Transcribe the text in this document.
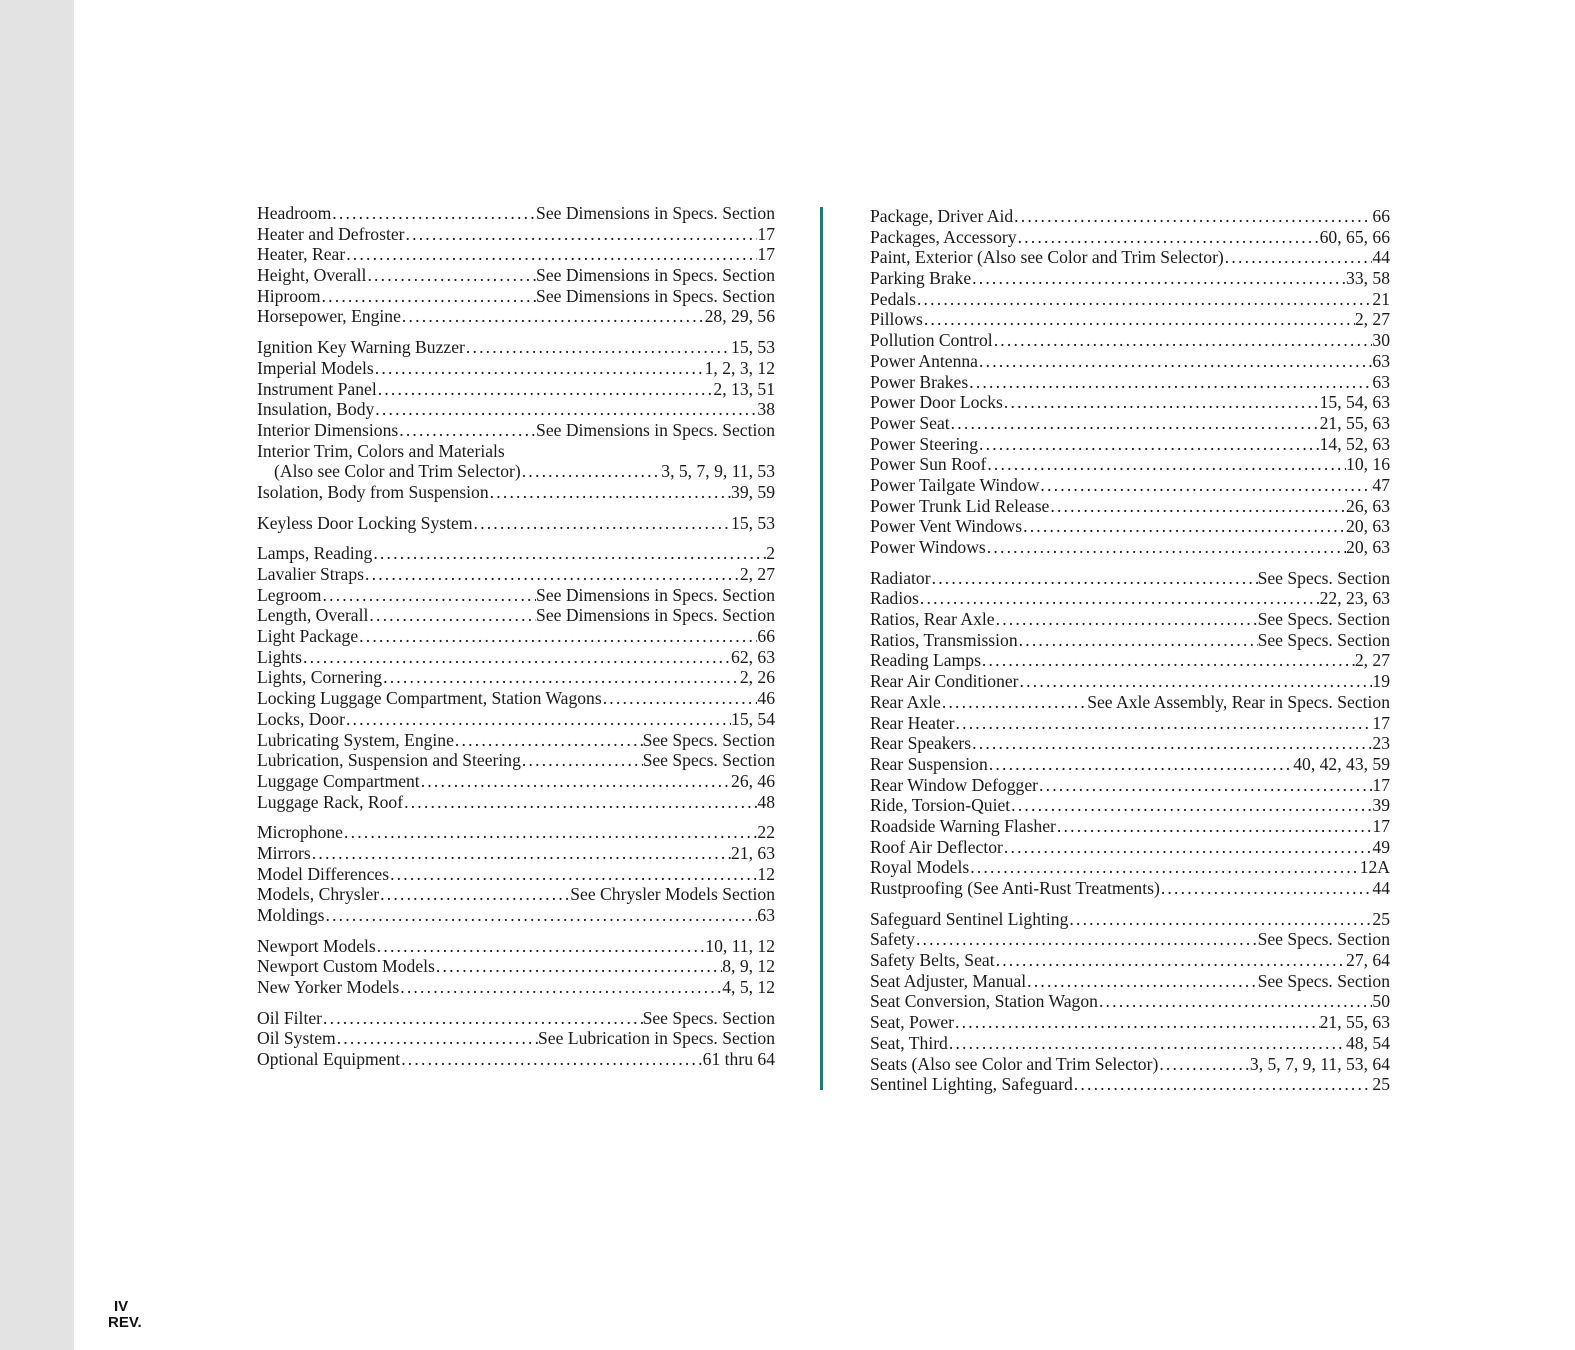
Headroom .....	See Dimensions in Specs. Section
Heater and Defroster .....	17
Heater, Rear .....	17
Height, Overall .....	See Dimensions in Specs. Section
Hiproom .....	See Dimensions in Specs. Section
Horsepower, Engine .....	28, 29, 56
Ignition Key Warning Buzzer .....	15, 53
Imperial Models .....	1, 2, 3, 12
Instrument Panel .....	2, 13, 51
Insulation, Body .....	38
Interior Dimensions .....	See Dimensions in Specs. Section
Interior Trim, Colors and Materials
(Also see Color and Trim Selector) .....	3, 5, 7, 9, 11, 53
Isolation, Body from Suspension .....	39, 59
Keyless Door Locking System .....	15, 53
Lamps, Reading .....	2
Lavalier Straps .....	2, 27
Legroom .....	See Dimensions in Specs. Section
Length, Overall .....	See Dimensions in Specs. Section
Light Package .....	66
Lights .....	62, 63
Lights, Cornering .....	2, 26
Locking Luggage Compartment, Station Wagons .....	46
Locks, Door .....	15, 54
Lubricating System, Engine .....	See Specs. Section
Lubrication, Suspension and Steering .....	See Specs. Section
Luggage Compartment .....	26, 46
Luggage Rack, Roof .....	48
Microphone .....	22
Mirrors .....	21, 63
Model Differences .....	12
Models, Chrysler .....	See Chrysler Models Section
Moldings .....	63
Newport Models .....	10, 11, 12
Newport Custom Models .....	8, 9, 12
New Yorker Models .....	4, 5, 12
Oil Filter .....	See Specs. Section
Oil System .....	See Lubrication in Specs. Section
Optional Equipment .....	61 thru 64
Package, Driver Aid .....	66
Packages, Accessory .....	60, 65, 66
Paint, Exterior (Also see Color and Trim Selector) .....	44
Parking Brake .....	33, 58
Pedals .....	21
Pillows .....	2, 27
Pollution Control .....	30
Power Antenna .....	63
Power Brakes .....	63
Power Door Locks .....	15, 54, 63
Power Seat .....	21, 55, 63
Power Steering .....	14, 52, 63
Power Sun Roof .....	10, 16
Power Tailgate Window .....	47
Power Trunk Lid Release .....	26, 63
Power Vent Windows .....	20, 63
Power Windows .....	20, 63
Radiator .....	See Specs. Section
Radios .....	22, 23, 63
Ratios, Rear Axle .....	See Specs. Section
Ratios, Transmission .....	See Specs. Section
Reading Lamps .....	2, 27
Rear Air Conditioner .....	19
Rear Axle .....	See Axle Assembly, Rear in Specs. Section
Rear Heater .....	17
Rear Speakers .....	23
Rear Suspension .....	40, 42, 43, 59
Rear Window Defogger .....	17
Ride, Torsion-Quiet .....	39
Roadside Warning Flasher .....	17
Roof Air Deflector .....	49
Royal Models .....	12A
Rustproofing (See Anti-Rust Treatments) .....	44
Safeguard Sentinel Lighting .....	25
Safety .....	See Specs. Section
Safety Belts, Seat .....	27, 64
Seat Adjuster, Manual .....	See Specs. Section
Seat Conversion, Station Wagon .....	50
Seat, Power .....	21, 55, 63
Seat, Third .....	48, 54
Seats (Also see Color and Trim Selector) .....	3, 5, 7, 9, 11, 53, 64
Sentinel Lighting, Safeguard .....	25
IV
REV.
